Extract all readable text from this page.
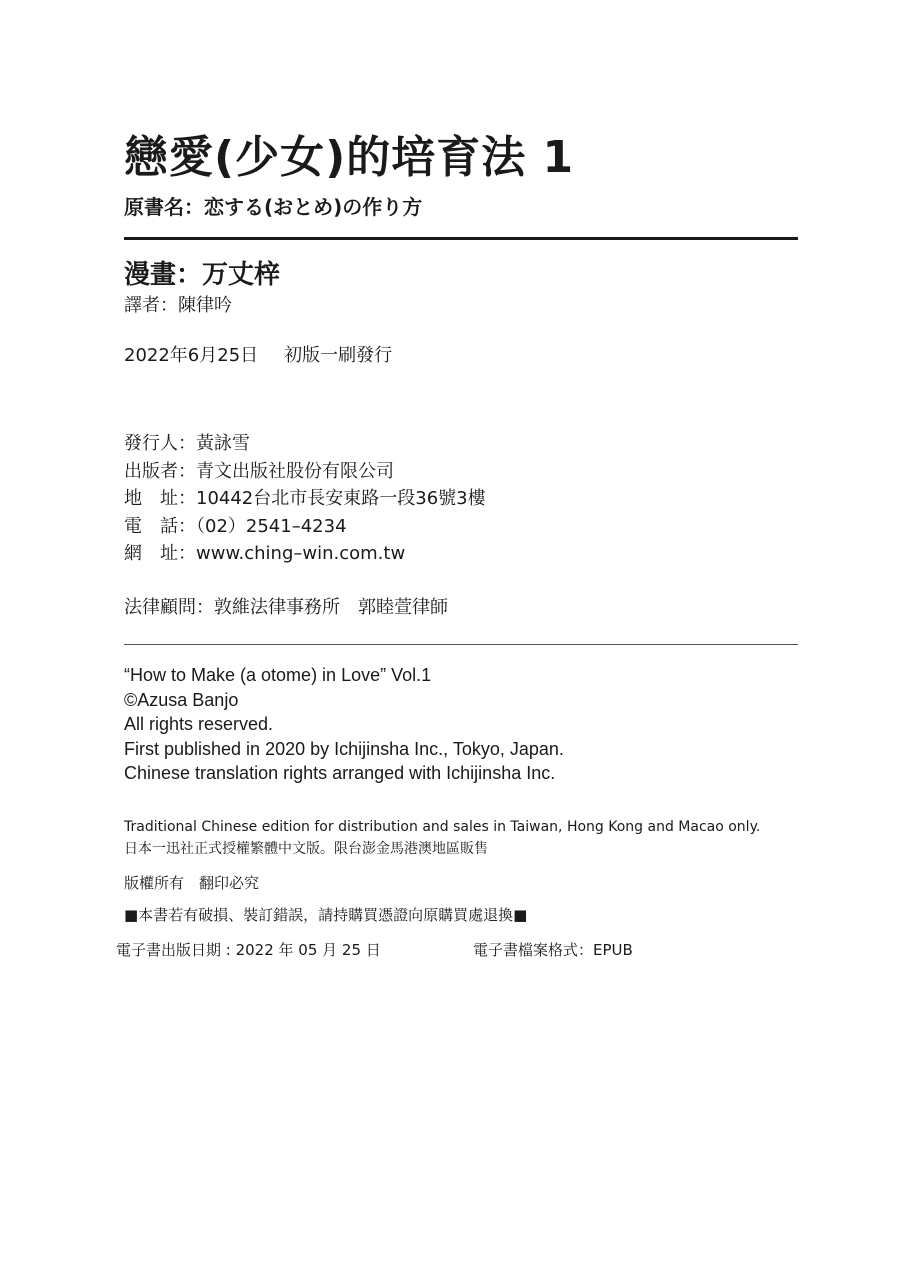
戀愛(少女)的培育法 1
原書名：恋する(おとめ)の作り方
漫畫：万丈梓
譯者：陳律吟
2022年6月25日 初版一刷發行
發行人：黃詠雪
出版者：青文出版社股份有限公司
地　址：10442台北市長安東路一段36號3樓
電　話：（02）2541–4234
網　址：www.ching–win.com.tw
法律顧問：敦維法律事務所　郭睦萱律師
“How to Make (a otome) in Love” Vol.1
©Azusa Banjo
All rights reserved.
First published in 2020 by Ichijinsha Inc., Tokyo, Japan.
Chinese translation rights arranged with Ichijinsha Inc.
Traditional Chinese edition for distribution and sales in Taiwan, Hong Kong and Macao only.
日本一迅社正式授權繁體中文版。限台澎金馬港澳地區販售
版權所有　翻印必究
■本書若有破損、裝訂錯誤，請持購買憑證向原購買處退換■
電子書出版日期 : 2022 年 05 月 25 日	電子書檔案格式：EPUB
